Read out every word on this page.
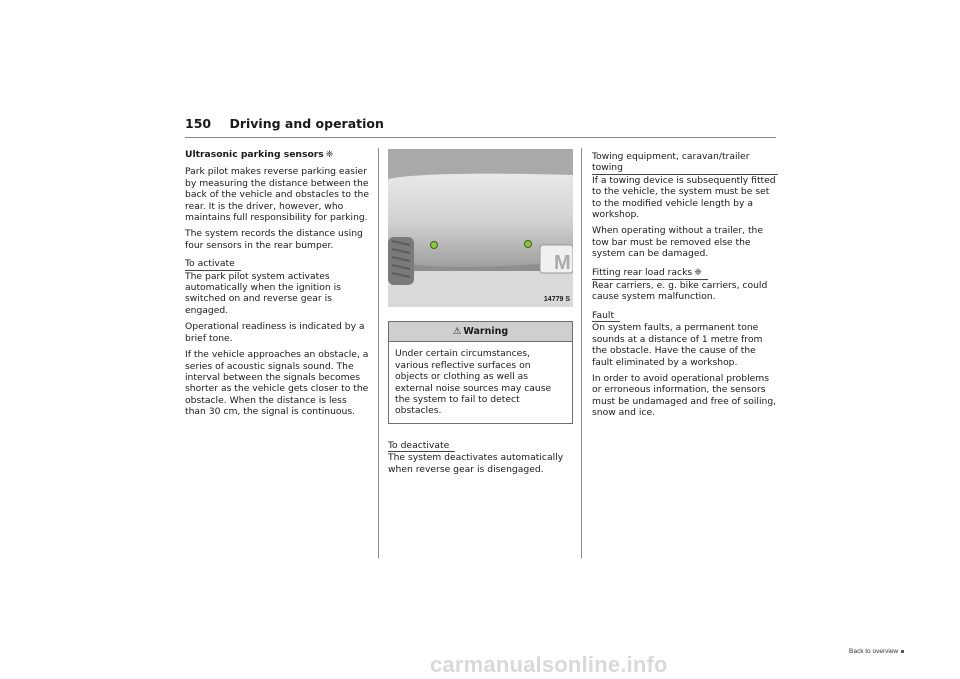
150 Driving and operation

Ultrasonic parking sensors ❈

Park pilot makes reverse parking easier by measuring the distance between the back of the vehicle and obstacles to the rear. It is the driver, however, who maintains full responsibility for parking.

The system records the distance using four sensors in the rear bumper.

To activate

The park pilot system activates automatically when the ignition is switched on and reverse gear is engaged.

Operational readiness is indicated by a brief tone.

If the vehicle approaches an obstacle, a series of acoustic signals sound. The interval between the signals becomes shorter as the vehicle gets closer to the obstacle. When the distance is less than 30 cm, the signal is continuous.

M
14779 S
⚠ Warning
Under certain circumstances, various reflective surfaces on objects or clothing as well as external noise sources may cause the system to fail to detect obstacles.
To deactivate

The system deactivates automatically when reverse gear is disengaged.

Towing equipment, caravan/trailer towing

If a towing device is subsequently fitted to the vehicle, the system must be set to the modified vehicle length by a workshop.

When operating without a trailer, the tow bar must be removed else the system can be damaged.

Fitting rear load racks ❈

Rear carriers, e. g. bike carriers, could cause system malfunction.

Fault

On system faults, a permanent tone sounds at a distance of 1 metre from the obstacle. Have the cause of the fault eliminated by a workshop.

In order to avoid operational problems or erroneous information, the sensors must be undamaged and free of soiling, snow and ice.

Back to overview
carmanualsonline.info
